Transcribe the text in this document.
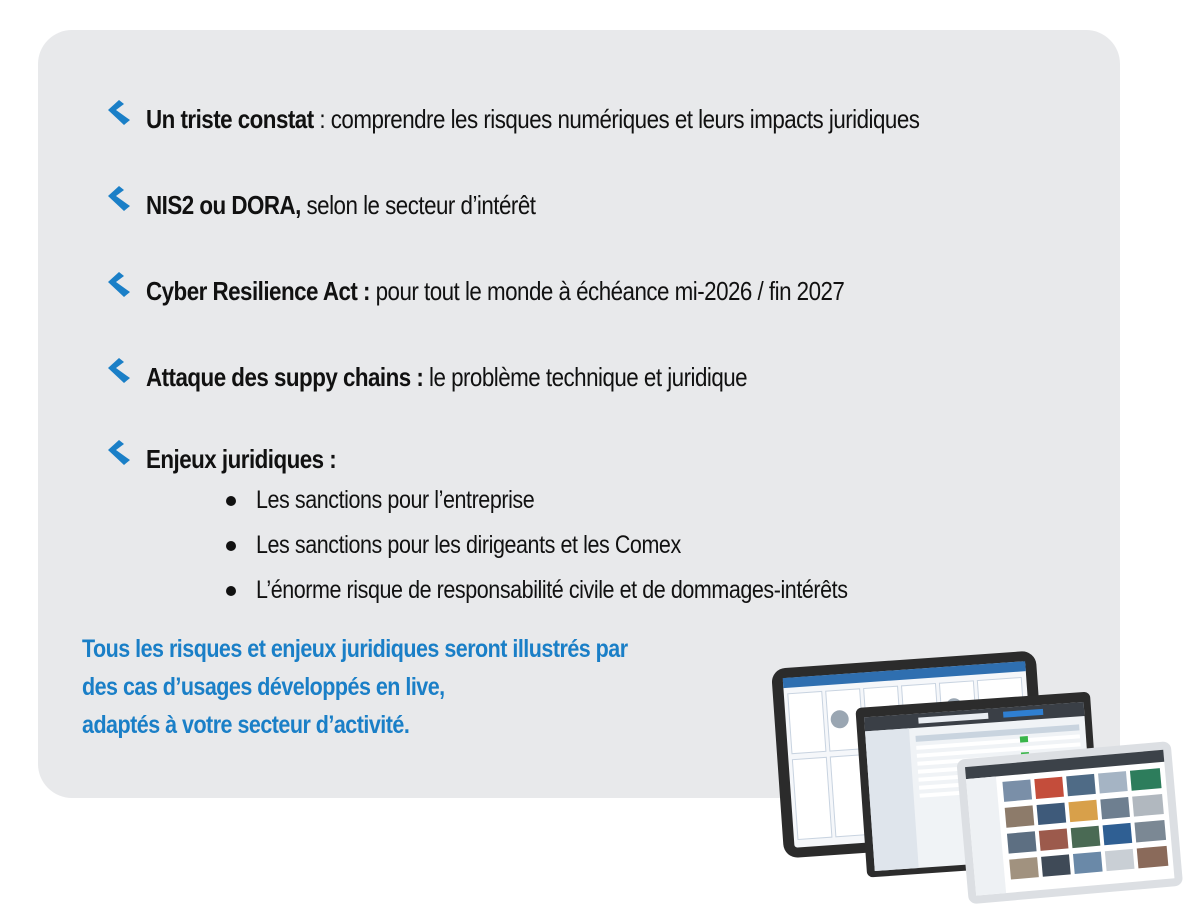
Un triste constat : comprendre les risques numériques et leurs impacts juridiques
NIS2 ou DORA, selon le secteur d’intérêt
Cyber Resilience Act : pour tout le monde à échéance mi-2026 / fin 2027
Attaque des suppy chains : le problème technique et juridique
Enjeux juridiques :
Les sanctions pour l’entreprise
Les sanctions pour les dirigeants et les Comex
L’énorme risque de responsabilité civile et de dommages-intérêts
Tous les risques et enjeux juridiques seront illustrés par
des cas d’usages développés en live,
adaptés à votre secteur d’activité.
